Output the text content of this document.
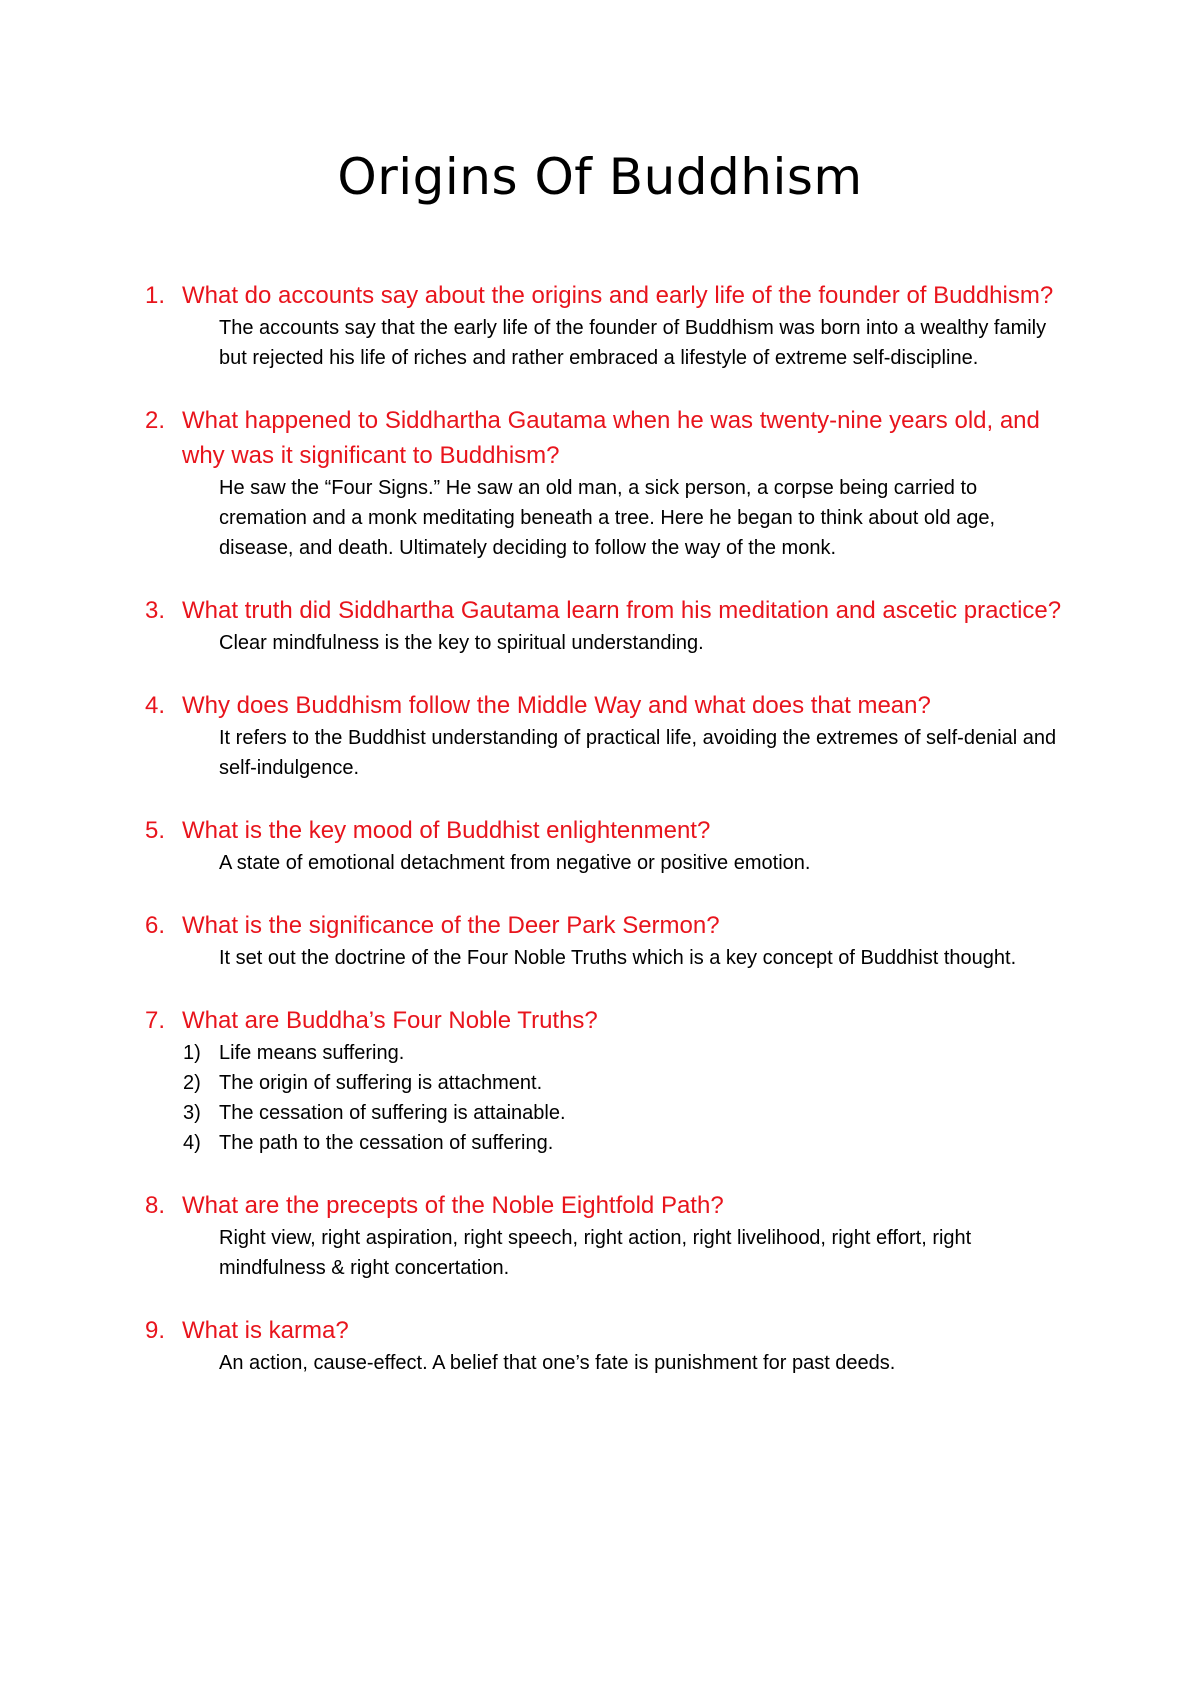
Origins Of Buddhism
1. What do accounts say about the origins and early life of the founder of Buddhism?
The accounts say that the early life of the founder of Buddhism was born into a wealthy family but rejected his life of riches and rather embraced a lifestyle of extreme self-discipline.
2. What happened to Siddhartha Gautama when he was twenty-nine years old, and why was it significant to Buddhism?
He saw the “Four Signs.” He saw an old man, a sick person, a corpse being carried to cremation and a monk meditating beneath a tree. Here he began to think about old age, disease, and death. Ultimately deciding to follow the way of the monk.
3. What truth did Siddhartha Gautama learn from his meditation and ascetic practice?
Clear mindfulness is the key to spiritual understanding.
4. Why does Buddhism follow the Middle Way and what does that mean?
It refers to the Buddhist understanding of practical life, avoiding the extremes of self-denial and self-indulgence.
5. What is the key mood of Buddhist enlightenment?
A state of emotional detachment from negative or positive emotion.
6. What is the significance of the Deer Park Sermon?
It set out the doctrine of the Four Noble Truths which is a key concept of Buddhist thought.
7. What are Buddha’s Four Noble Truths?
1) Life means suffering.
2) The origin of suffering is attachment.
3) The cessation of suffering is attainable.
4) The path to the cessation of suffering.
8. What are the precepts of the Noble Eightfold Path?
Right view, right aspiration, right speech, right action, right livelihood, right effort, right mindfulness & right concertation.
9. What is karma?
An action, cause-effect. A belief that one’s fate is punishment for past deeds.
